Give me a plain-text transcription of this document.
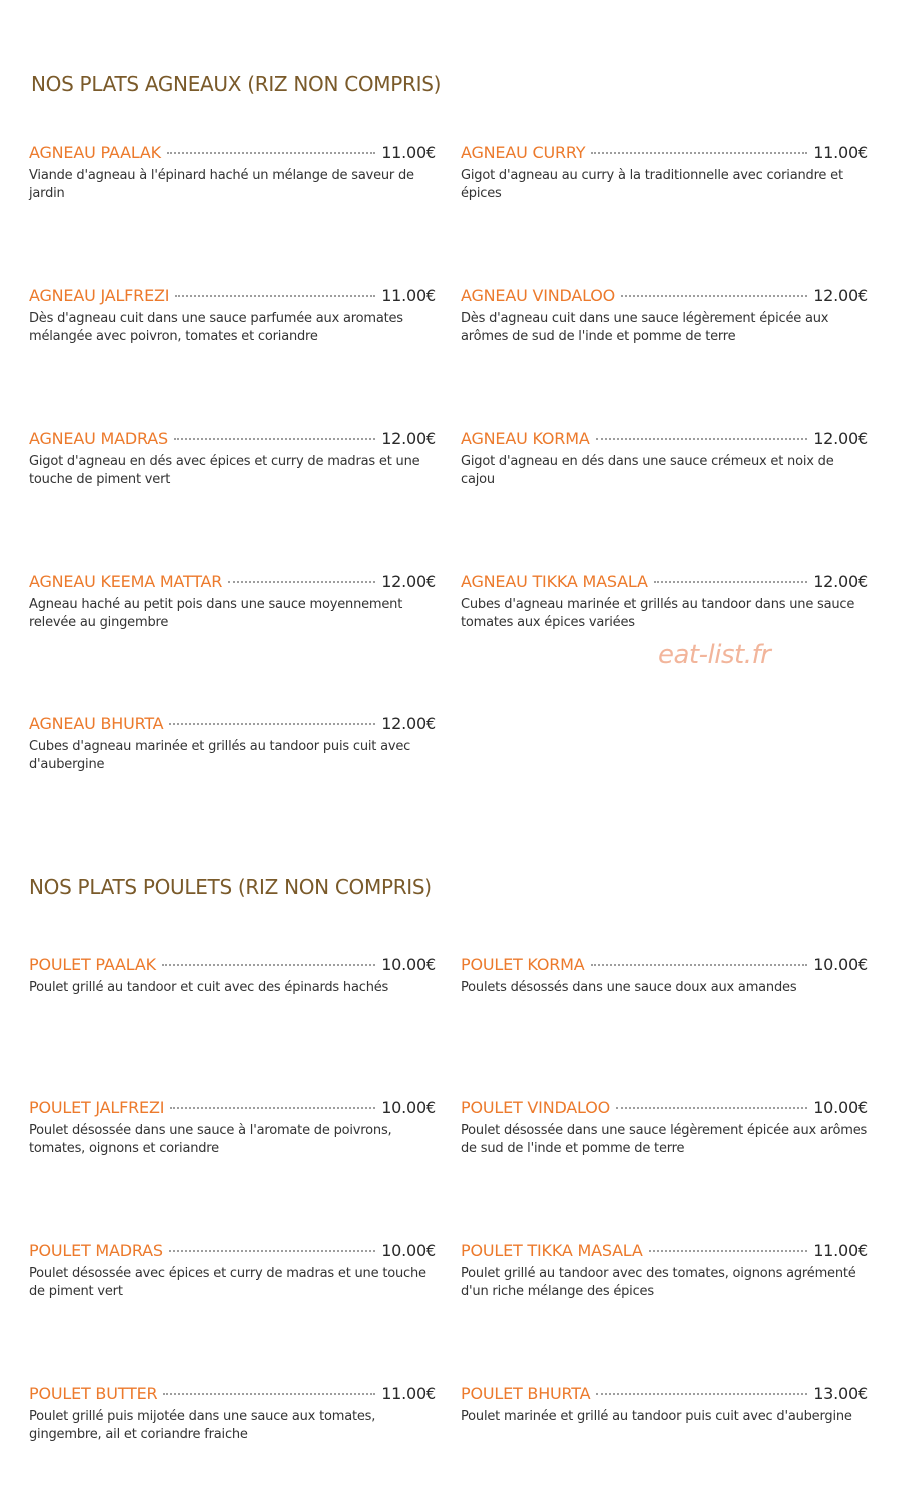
NOS PLATS AGNEAUX (RIZ NON COMPRIS)
AGNEAU PAALAK	11.00€
Viande d'agneau à l'épinard haché un mélange de saveur de jardin
AGNEAU CURRY	11.00€
Gigot d'agneau au curry à la traditionnelle avec coriandre et épices
AGNEAU JALFREZI	11.00€
Dès d'agneau cuit dans une sauce parfumée aux aromates mélangée avec poivron, tomates et coriandre
AGNEAU VINDALOO	12.00€
Dès d'agneau cuit dans une sauce légèrement épicée aux arômes de sud de l'inde et pomme de terre
AGNEAU MADRAS	12.00€
Gigot d'agneau en dés avec épices et curry de madras et une touche de piment vert
AGNEAU KORMA	12.00€
Gigot d'agneau en dés dans une sauce crémeux et noix de cajou
AGNEAU KEEMA MATTAR	12.00€
Agneau haché au petit pois dans une sauce moyennement relevée au gingembre
AGNEAU TIKKA MASALA	12.00€
Cubes d'agneau marinée et grillés au tandoor dans une sauce tomates aux épices variées
eat-list.fr
AGNEAU BHURTA	12.00€
Cubes d'agneau marinée et grillés au tandoor puis cuit avec d'aubergine
NOS PLATS POULETS (RIZ NON COMPRIS)
POULET PAALAK	10.00€
Poulet grillé au tandoor et cuit avec des épinards hachés
POULET KORMA	10.00€
Poulets désossés dans une sauce doux aux amandes
POULET JALFREZI	10.00€
Poulet désossée dans une sauce à l'aromate de poivrons, tomates, oignons et coriandre
POULET VINDALOO	10.00€
Poulet désossée dans une sauce légèrement épicée aux arômes de sud de l'inde et pomme de terre
POULET MADRAS	10.00€
Poulet désossée avec épices et curry de madras et une touche de piment vert
POULET TIKKA MASALA	11.00€
Poulet grillé au tandoor avec des tomates, oignons agrémenté d'un riche mélange des épices
POULET BUTTER	11.00€
Poulet grillé puis mijotée dans une sauce aux tomates, gingembre, ail et coriandre fraiche
POULET BHURTA	13.00€
Poulet marinée et grillé au tandoor puis cuit avec d'aubergine
